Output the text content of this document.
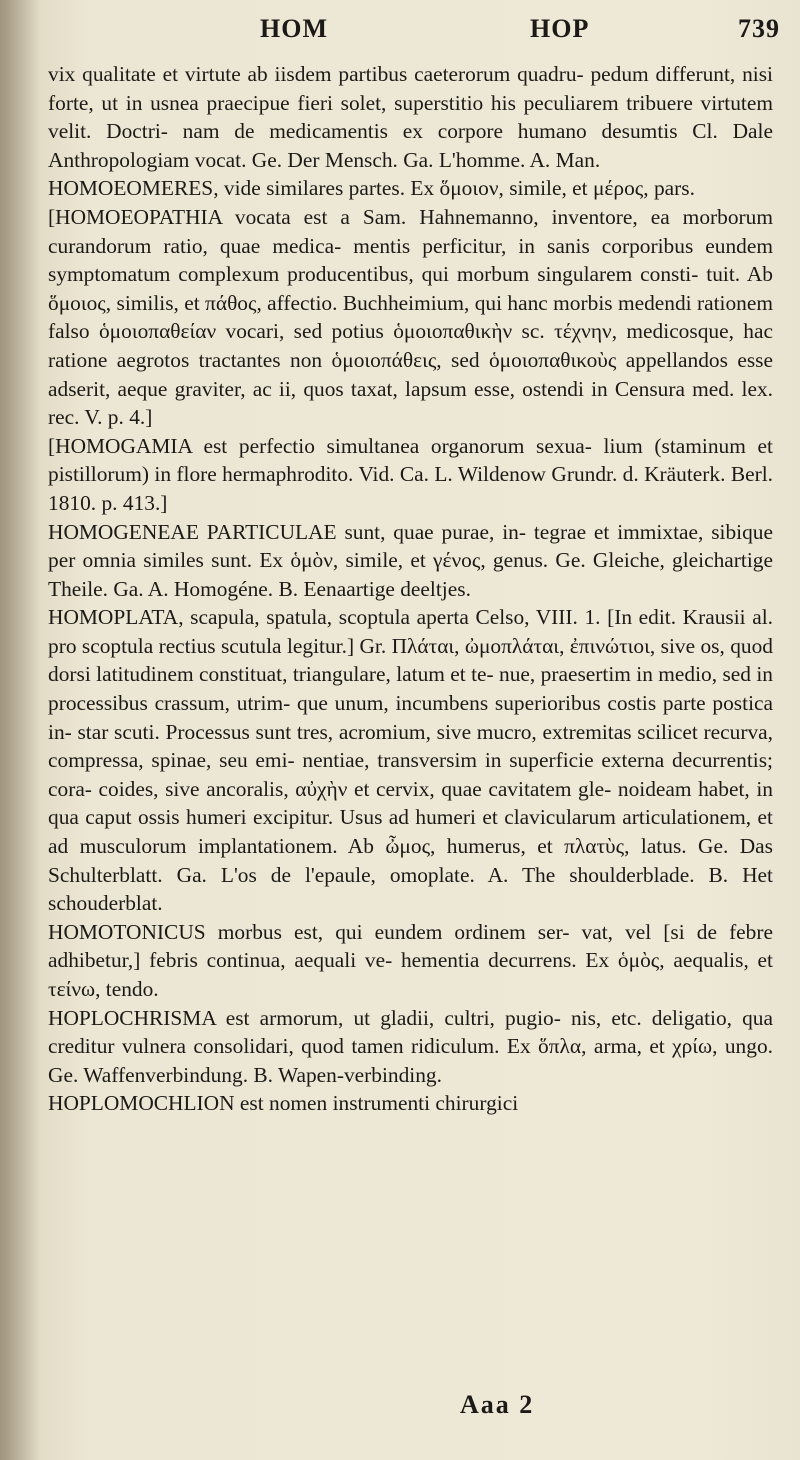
HOM	HOP	739

vix qualitate et virtute ab iisdem partibus caeterorum quadru- pedum differunt, nisi forte, ut in usnea praecipue fieri solet, superstitio his peculiarem tribuere virtutem velit. Doctri- nam de medicamentis ex corpore humano desumtis Cl. Dale Anthropologiam vocat. Ge. Der Mensch. Ga. L'homme. A. Man.

HOMOEOMERES, vide similares partes. Ex ὅμοιον, simile, et μέρος, pars.

[HOMOEOPATHIA vocata est a Sam. Hahnemanno, inventore, ea morborum curandorum ratio, quae medica- mentis perficitur, in sanis corporibus eundem symptomatum complexum producentibus, qui morbum singularem consti- tuit. Ab ὅμοιος, similis, et πάθος, affectio. Buchheimium, qui hanc morbis medendi rationem falso ὁμοιοπαθείαν vocari, sed potius ὁμοιοπαθικὴν sc. τέχνην, medicosque, hac ratione aegrotos tractantes non ὁμοιοπάθεις, sed ὁμοιοπαθικοὺς appellandos esse adserit, aeque graviter, ac ii, quos taxat, lapsum esse, ostendi in Censura med. lex. rec. V. p. 4.]

[HOMOGAMIA est perfectio simultanea organorum sexua- lium (staminum et pistillorum) in flore hermaphrodito. Vid. Ca. L. Wildenow Grundr. d. Kräuterk. Berl. 1810. p. 413.]

HOMOGENEAE PARTICULAE sunt, quae purae, in- tegrae et immixtae, sibique per omnia similes sunt. Ex ὁμὸν, simile, et γένος, genus. Ge. Gleiche, gleichartige Theile. Ga. A. Homogéne. B. Eenaartige deeltjes.

HOMOPLATA, scapula, spatula, scoptula aperta Celso, VIII. 1. [In edit. Krausii al. pro scoptula rectius scutula legitur.] Gr. Πλάται, ὠμοπλάται, ἐπινώτιοι, sive os, quod dorsi latitudinem constituat, triangulare, latum et te- nue, praesertim in medio, sed in processibus crassum, utrim- que unum, incumbens superioribus costis parte postica in- star scuti. Processus sunt tres, acromium, sive mucro, extremitas scilicet recurva, compressa, spinae, seu emi- nentiae, transversim in superficie externa decurrentis; cora- coides, sive ancoralis, αὐχὴν et cervix, quae cavitatem gle- noideam habet, in qua caput ossis humeri excipitur. Usus ad humeri et clavicularum articulationem, et ad musculorum implantationem. Ab ὦμος, humerus, et πλατὺς, latus. Ge. Das Schulterblatt. Ga. L'os de l'epaule, omoplate. A. The shoulderblade. B. Het schouderblat.

HOMOTONICUS morbus est, qui eundem ordinem ser- vat, vel [si de febre adhibetur,] febris continua, aequali ve- hementia decurrens. Ex ὁμὸς, aequalis, et τείνω, tendo.

HOPLOCHRISMA est armorum, ut gladii, cultri, pugio- nis, etc. deligatio, qua creditur vulnera consolidari, quod tamen ridiculum. Ex ὅπλα, arma, et χρίω, ungo. Ge. Waffenverbindung. B. Wapen-verbinding.

HOPLOMOCHLION est nomen instrumenti chirurgici

Aaa 2
